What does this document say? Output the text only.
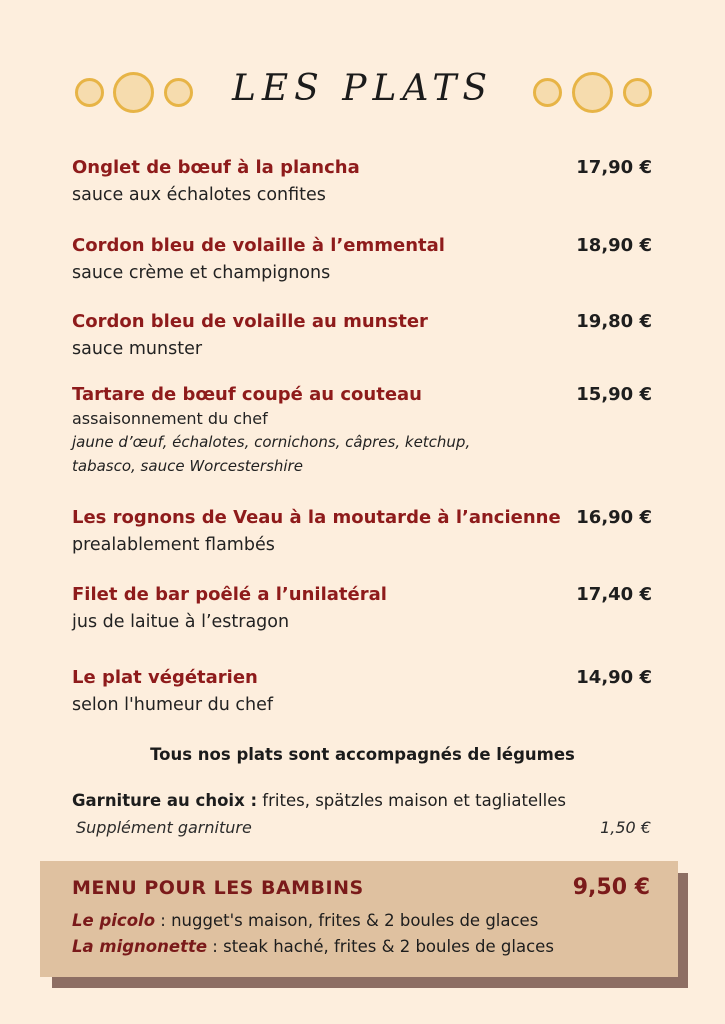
LES PLATS
Onglet de bœuf à la plancha
sauce aux échalotes confites
17,90 €
Cordon bleu de volaille à l’emmental
sauce crème et champignons
18,90 €
Cordon bleu de volaille au munster
sauce munster
19,80 €
Tartare de bœuf coupé au couteau
assaisonnement du chef
jaune d’œuf, échalotes, cornichons, câpres, ketchup,
tabasco, sauce Worcestershire
15,90 €
Les rognons de Veau à la moutarde à l’ancienne
prealablement flambés
16,90 €
Filet de bar poêlé a l’unilatéral
jus de laitue à l’estragon
17,40 €
Le plat végétarien
selon l'humeur du chef
14,90 €
Tous nos plats sont accompagnés de légumes
Garniture au choix : frites, spätzles maison et tagliatelles
Supplément garniture	1,50 €
MENU POUR LES BAMBINS	9,50 €
Le picolo : nugget's maison, frites & 2 boules de glaces
La mignonette : steak haché, frites & 2 boules de glaces
